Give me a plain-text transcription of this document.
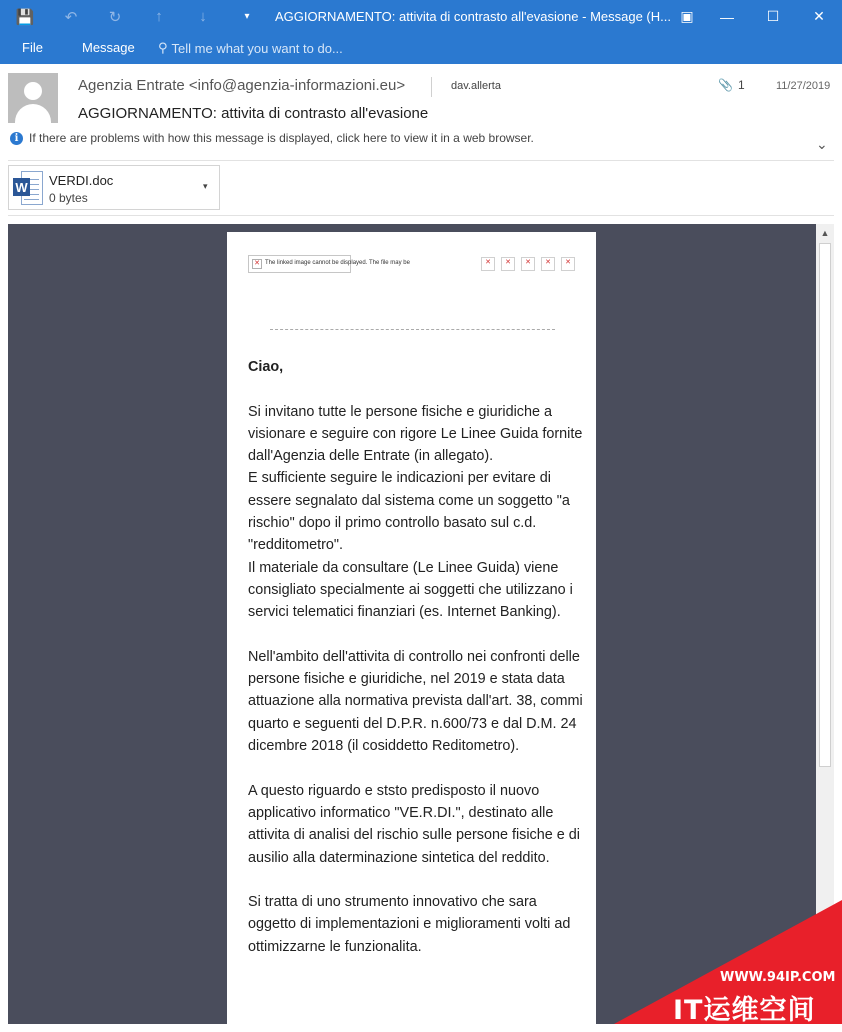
💾	↶	↻	↑	↓	▾	AGGIORNAMENTO: attivita di contrasto all'evasione - Message (H... ▣	—	☐	✕
File	Message ⚲ Tell me what you want to do...
Agenzia Entrate <info@agenzia-informazioni.eu>	dav.allerta	📎 1	11/27/2019
AGGIORNAMENTO: attivita di contrasto all'evasione
i If there are problems with how this message is displayed, click here to view it in a web browser.	⌄
W VERDI.doc
0 bytes
▾
✕ The linked image cannot be displayed. The file may be	✕ ✕ ✕ ✕ ✕

Ciao,

Si invitano tutte le persone fisiche e giuridiche a visionare e seguire con rigore Le Linee Guida fornite dall'Agenzia delle Entrate (in allegato).

E sufficiente seguire le indicazioni per evitare di essere segnalato dal sistema come un soggetto "a rischio" dopo il primo controllo basato sul c.d. "redditometro".

Il materiale da consultare (Le Linee Guida) viene consigliato specialmente ai soggetti che utilizzano i servici telematici finanziari (es. Internet Banking).

Nell'ambito dell'attivita di controllo nei confronti delle persone fisiche e giuridiche, nel 2019 e stata data attuazione alla normativa prevista dall'art. 38, commi quarto e seguenti del D.P.R. n.600/73 e dal D.M. 24 dicembre 2018 (il cosiddetto Reditometro).

A questo riguardo e ststo predisposto il nuovo applicativo informatico "VE.R.DI.", destinato alle attivita di analisi del rischio sulle persone fisiche e di ausilio alla daterminazione sintetica del reddito.

Si tratta di uno strumento innovativo che sara oggetto di implementazioni e miglioramenti volti ad ottimizzarne le funzionalita.

▲
WWW.94IP.COM
IT运维空间
